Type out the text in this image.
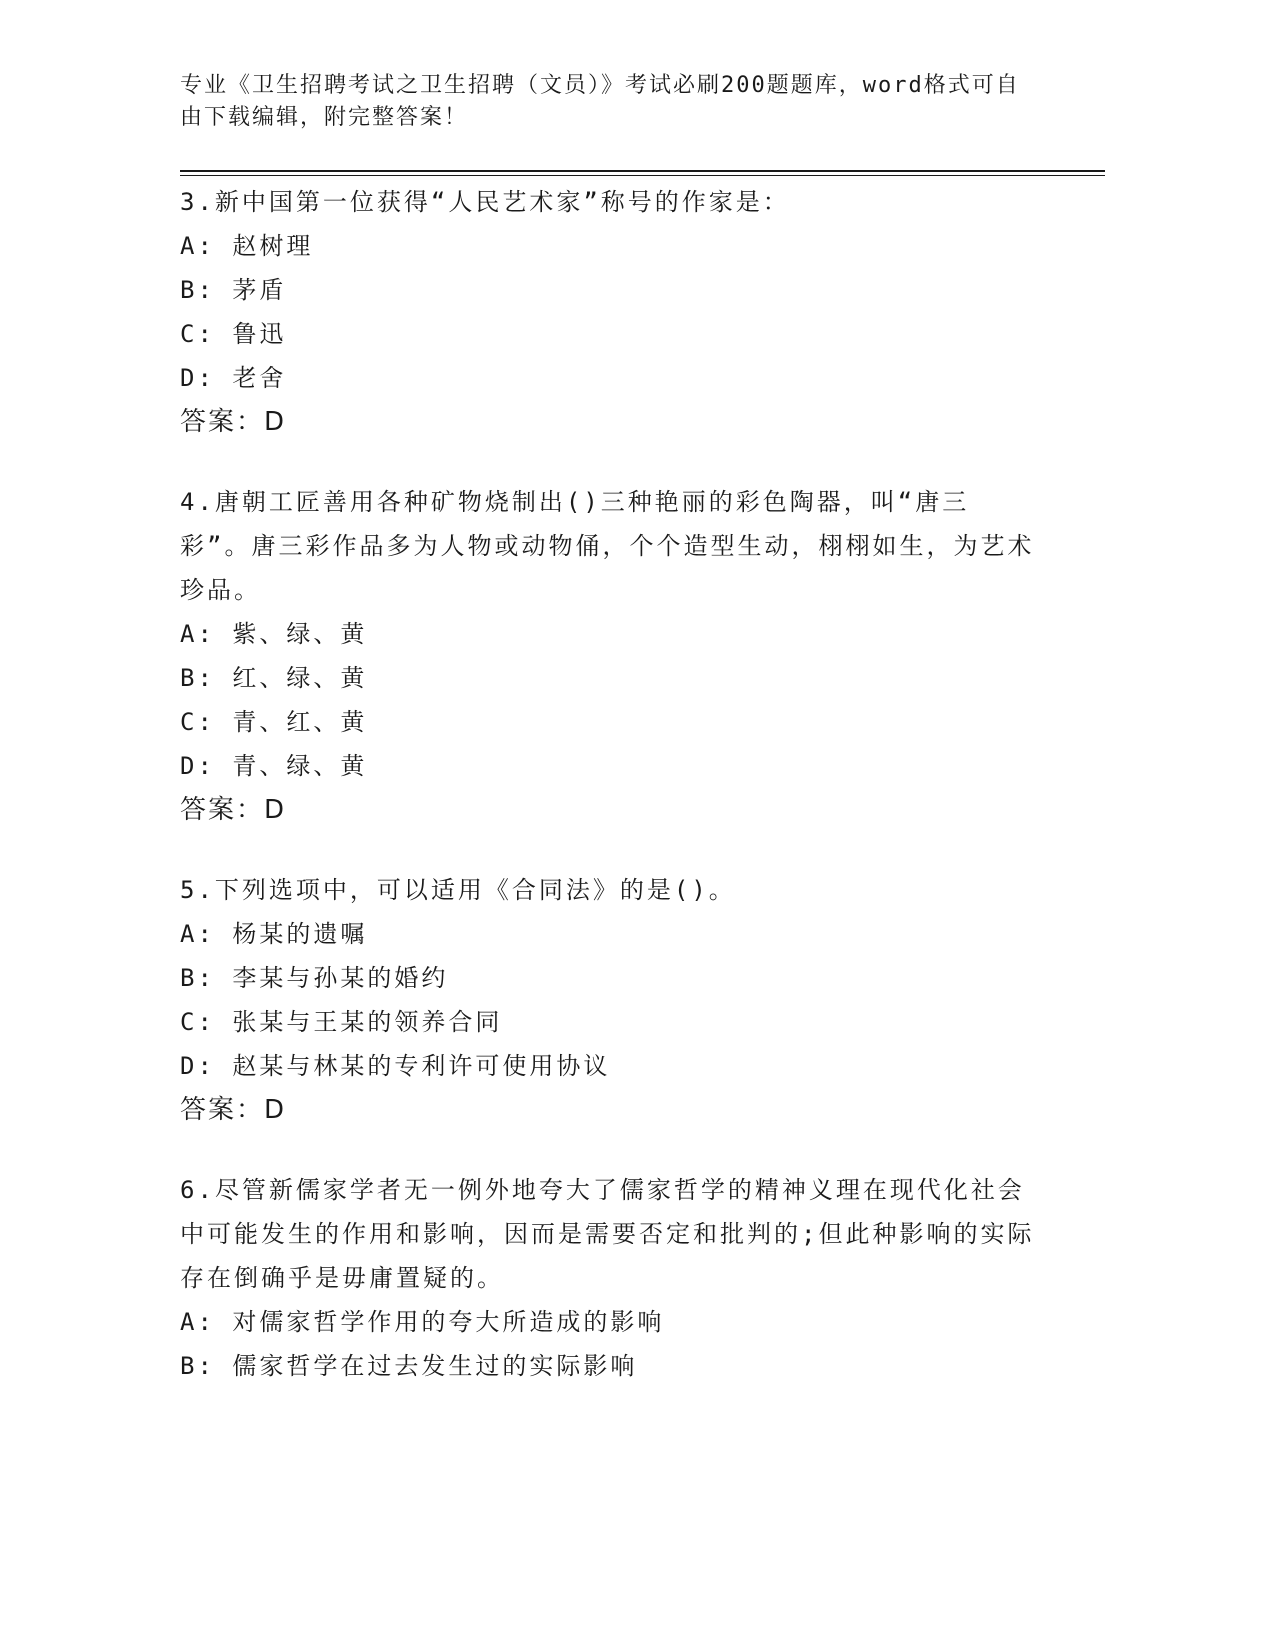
专业《卫生招聘考试之卫生招聘（文员）》考试必刷200题题库，word格式可自
由下载编辑，附完整答案！

3.新中国第一位获得“人民艺术家”称号的作家是：

A: 赵树理

B: 茅盾

C: 鲁迅

D: 老舍

答案：D

4.唐朝工匠善用各种矿物烧制出()三种艳丽的彩色陶器，叫“唐三彩”。唐三彩作品多为人物或动物俑，个个造型生动，栩栩如生，为艺术珍品。

A: 紫、绿、黄

B: 红、绿、黄

C: 青、红、黄

D: 青、绿、黄

答案：D

5.下列选项中，可以适用《合同法》的是()。

A: 杨某的遗嘱

B: 李某与孙某的婚约

C: 张某与王某的领养合同

D: 赵某与林某的专利许可使用协议

答案：D

6.尽管新儒家学者无一例外地夸大了儒家哲学的精神义理在现代化社会中可能发生的作用和影响，因而是需要否定和批判的;但此种影响的实际存在倒确乎是毋庸置疑的。

A: 对儒家哲学作用的夸大所造成的影响

B: 儒家哲学在过去发生过的实际影响
